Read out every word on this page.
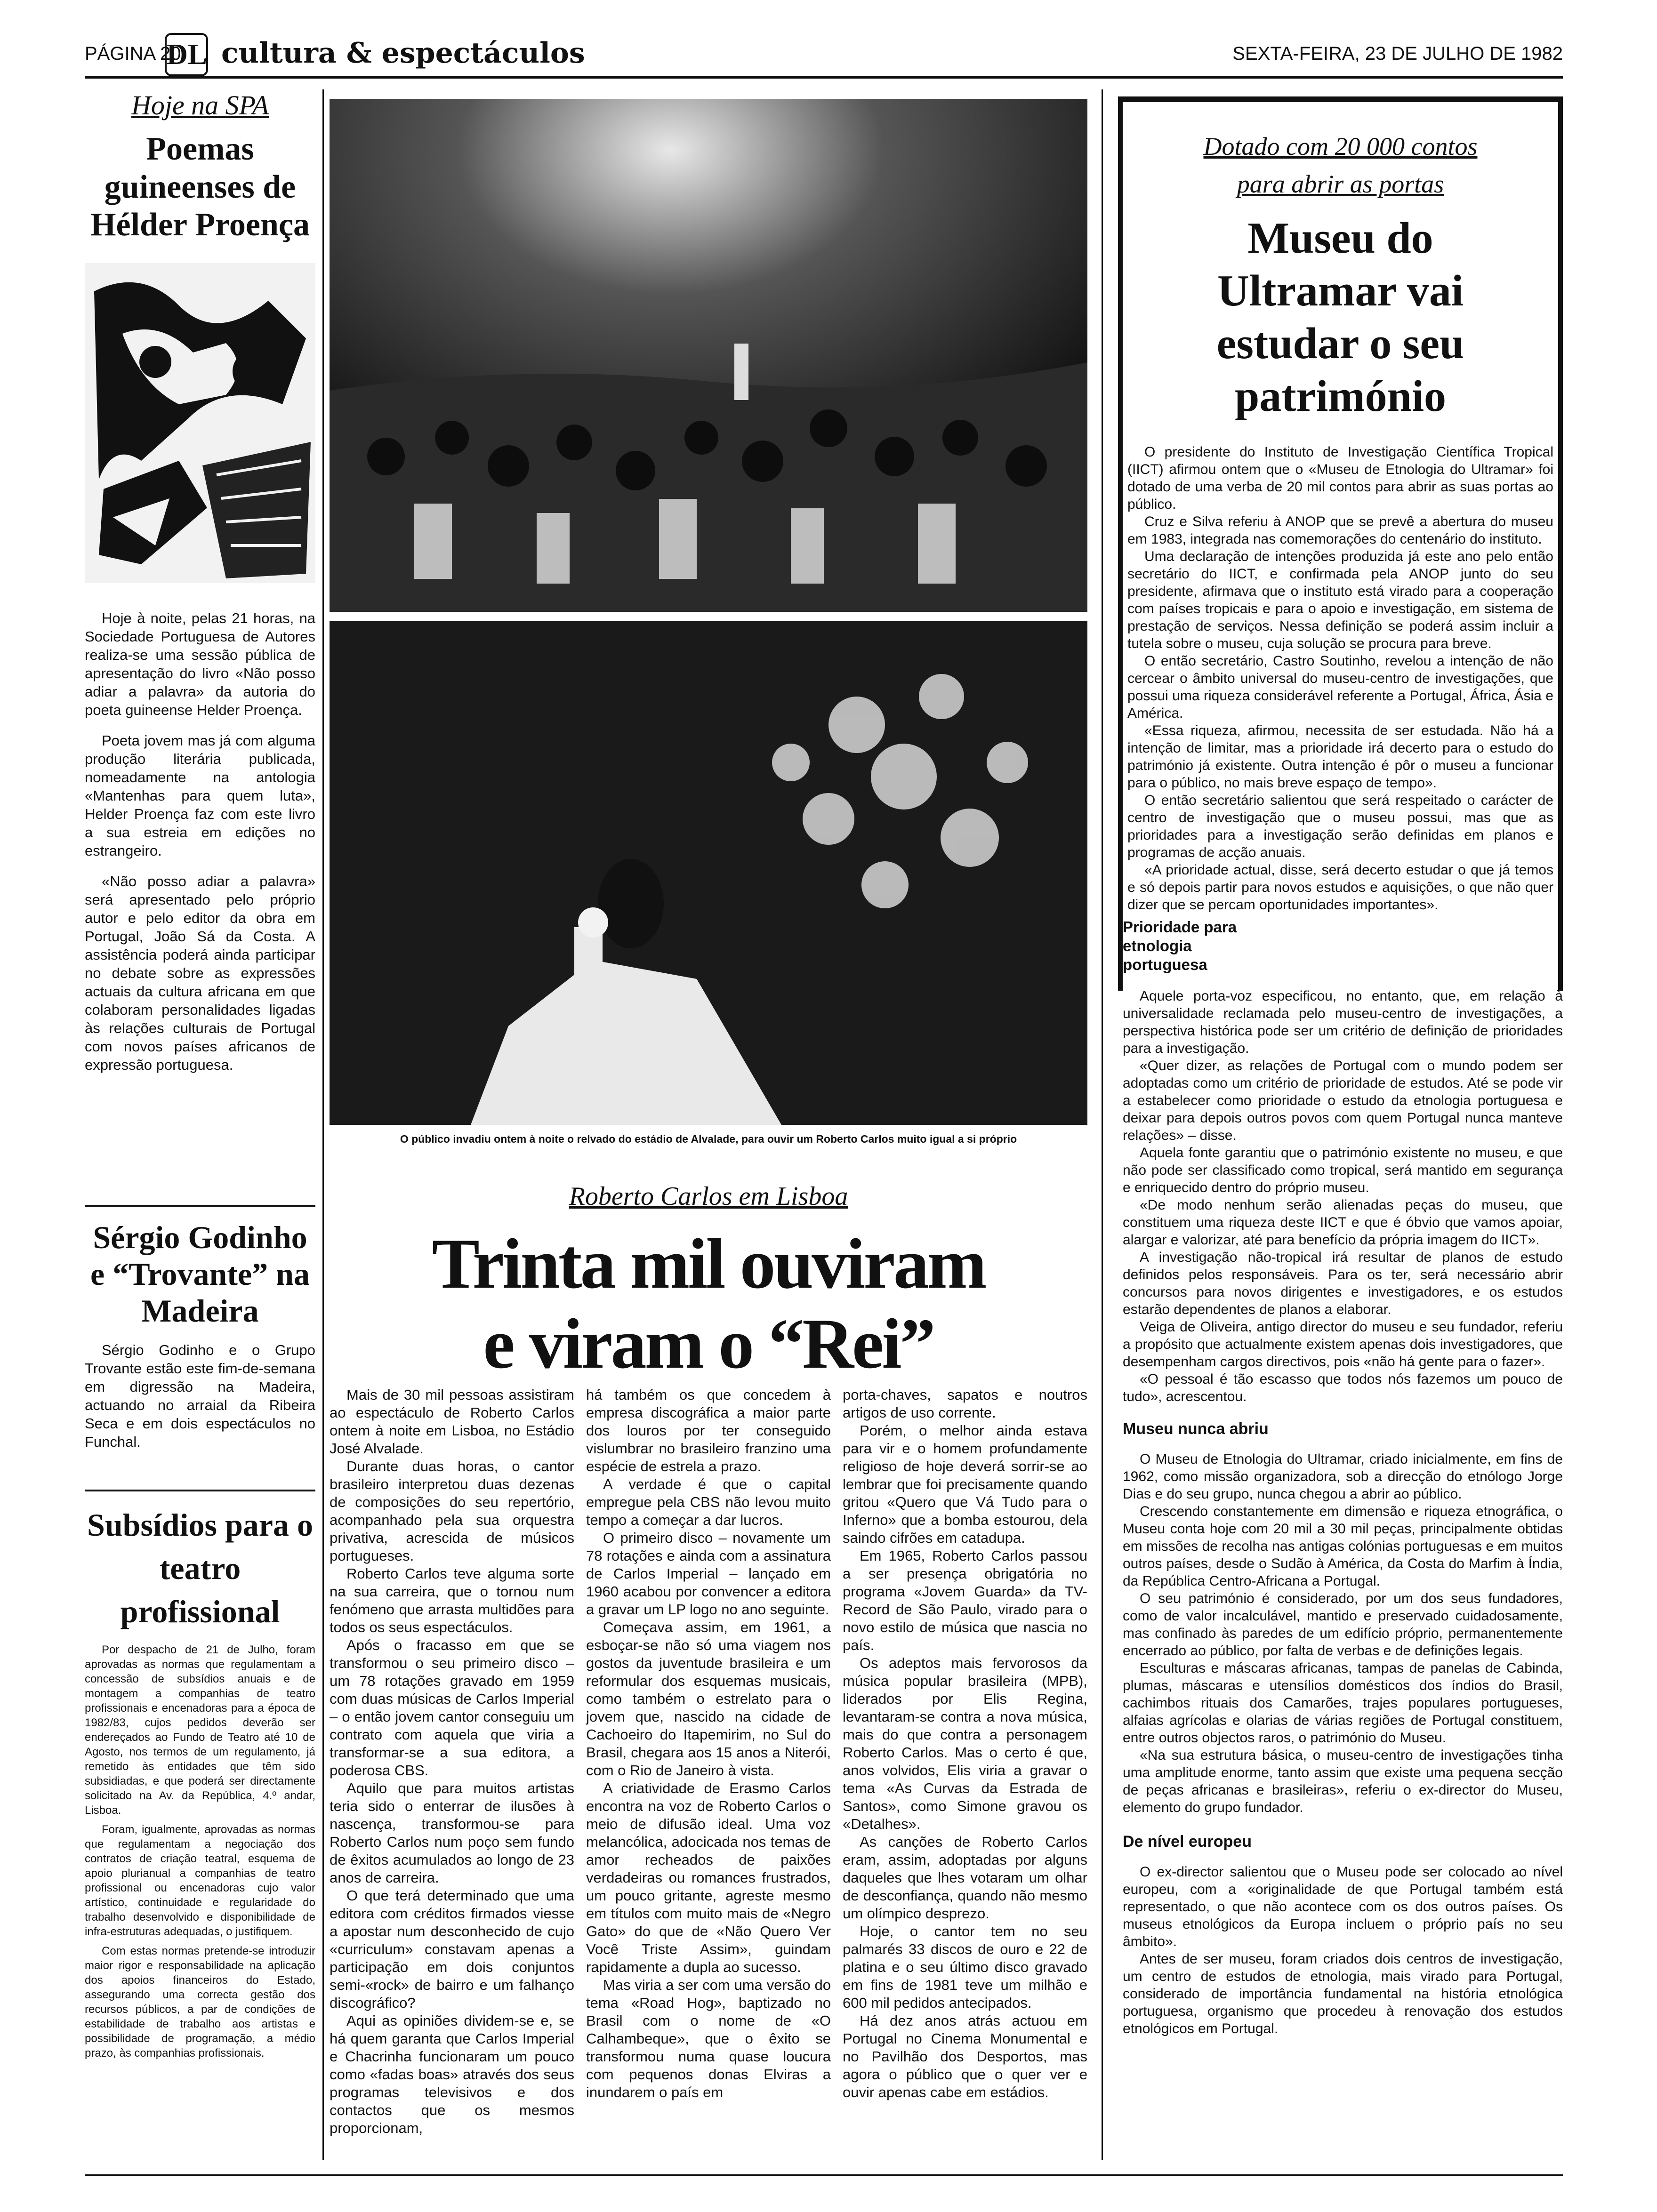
PÁGINA 20
DL cultura & espectáculos	SEXTA-FEIRA, 23 DE JULHO DE 1982
Hoje na SPA
Poemas guineenses de Hélder Proença

Hoje à noite, pelas 21 horas, na Sociedade Portuguesa de Autores realiza-se uma sessão pública de apresentação do livro «Não posso adiar a palavra» da autoria do poeta guineense Helder Proença.

Poeta jovem mas já com alguma produção literária publicada, nomeadamente na antologia «Mantenhas para quem luta», Helder Proença faz com este livro a sua estreia em edições no estrangeiro.

«Não posso adiar a palavra» será apresentado pelo próprio autor e pelo editor da obra em Portugal, João Sá da Costa. A assistência poderá ainda participar no debate sobre as expressões actuais da cultura africana em que colaboram personalidades ligadas às relações culturais de Portugal com novos países africanos de expressão portuguesa.

Sérgio Godinho e “Trovante” na Madeira

Sérgio Godinho e o Grupo Trovante estão este fim-de-semana em digressão na Madeira, actuando no arraial da Ribeira Seca e em dois espectáculos no Funchal.

Subsídios para o teatro profissional

Por despacho de 21 de Julho, foram aprovadas as normas que regulamentam a concessão de subsídios anuais e de montagem a companhias de teatro profissionais e encenadoras para a época de 1982/83, cujos pedidos deverão ser endereçados ao Fundo de Teatro até 10 de Agosto, nos termos de um regulamento, já remetido às entidades que têm sido subsidiadas, e que poderá ser directamente solicitado na Av. da República, 4.º andar, Lisboa.

Foram, igualmente, aprovadas as normas que regulamentam a negociação dos contratos de criação teatral, esquema de apoio plurianual a companhias de teatro profissional ou encenadoras cujo valor artístico, continuidade e regularidade do trabalho desenvolvido e disponibilidade de infra-estruturas adequadas, o justifiquem.

Com estas normas pretende-se introduzir maior rigor e responsabilidade na aplicação dos apoios financeiros do Estado, assegurando uma correcta gestão dos recursos públicos, a par de condições de estabilidade de trabalho aos artistas e possibilidade de programação, a médio prazo, às companhias profissionais.

O público invadiu ontem à noite o relvado do estádio de Alvalade, para ouvir um Roberto Carlos muito igual a si próprio
Roberto Carlos em Lisboa
Trinta mil ouviram
e viram o “Rei”

Mais de 30 mil pessoas assistiram ao espectáculo de Roberto Carlos ontem à noite em Lisboa, no Estádio José Alvalade.

Durante duas horas, o cantor brasileiro interpretou duas dezenas de composições do seu repertório, acompanhado pela sua orquestra privativa, acrescida de músicos portugueses.

Roberto Carlos teve alguma sorte na sua carreira, que o tornou num fenómeno que arrasta multidões para todos os seus espectáculos.

Após o fracasso em que se transformou o seu primeiro disco – um 78 rotações gravado em 1959 com duas músicas de Carlos Imperial – o então jovem cantor conseguiu um contrato com aquela que viria a transformar-se a sua editora, a poderosa CBS.

Aquilo que para muitos artistas teria sido o enterrar de ilusões à nascença, transformou-se para Roberto Carlos num poço sem fundo de êxitos acumulados ao longo de 23 anos de carreira.

O que terá determinado que uma editora com créditos firmados viesse a apostar num desconhecido de cujo «curriculum» constavam apenas a participação em dois conjuntos semi-«rock» de bairro e um falhanço discográfico?

Aqui as opiniões dividem-se e, se há quem garanta que Carlos Imperial e Chacrinha funcionaram um pouco como «fadas boas» através dos seus programas televisivos e dos contactos que os mesmos proporcionam,

há também os que concedem à empresa discográfica a maior parte dos louros por ter conseguido vislumbrar no brasileiro franzino uma espécie de estrela a prazo.

A verdade é que o capital empregue pela CBS não levou muito tempo a começar a dar lucros.

O primeiro disco – novamente um 78 rotações e ainda com a assinatura de Carlos Imperial – lançado em 1960 acabou por convencer a editora a gravar um LP logo no ano seguinte.

Começava assim, em 1961, a esboçar-se não só uma viagem nos gostos da juventude brasileira e um reformular dos esquemas musicais, como também o estrelato para o jovem que, nascido na cidade de Cachoeiro do Itapemirim, no Sul do Brasil, chegara aos 15 anos a Niterói, com o Rio de Janeiro à vista.

A criatividade de Erasmo Carlos encontra na voz de Roberto Carlos o meio de difusão ideal. Uma voz melancólica, adocicada nos temas de amor recheados de paixões verdadeiras ou romances frustrados, um pouco gritante, agreste mesmo em títulos com muito mais de «Negro Gato» do que de «Não Quero Ver Você Triste Assim», guindam rapidamente a dupla ao sucesso.

Mas viria a ser com uma versão do tema «Road Hog», baptizado no Brasil com o nome de «O Calhambeque», que o êxito se transformou numa quase loucura com pequenos donas Elviras a inundarem o país em

porta-chaves, sapatos e noutros artigos de uso corrente.

Porém, o melhor ainda estava para vir e o homem profundamente religioso de hoje deverá sorrir-se ao lembrar que foi precisamente quando gritou «Quero que Vá Tudo para o Inferno» que a bomba estourou, dela saindo cifrões em catadupa.

Em 1965, Roberto Carlos passou a ser presença obrigatória no programa «Jovem Guarda» da TV-Record de São Paulo, virado para o novo estilo de música que nascia no país.

Os adeptos mais fervorosos da música popular brasileira (MPB), liderados por Elis Regina, levantaram-se contra a nova música, mais do que contra a personagem Roberto Carlos. Mas o certo é que, anos volvidos, Elis viria a gravar o tema «As Curvas da Estrada de Santos», como Simone gravou os «Detalhes».

As canções de Roberto Carlos eram, assim, adoptadas por alguns daqueles que lhes votaram um olhar de desconfiança, quando não mesmo um olímpico desprezo.

Hoje, o cantor tem no seu palmarés 33 discos de ouro e 22 de platina e o seu último disco gravado em fins de 1981 teve um milhão e 600 mil pedidos antecipados.

Há dez anos atrás actuou em Portugal no Cinema Monumental e no Pavilhão dos Desportos, mas agora o público que o quer ver e ouvir apenas cabe em estádios.

Dotado com 20 000 contos
para abrir as portas
Museu do Ultramar vai estudar o seu património

O presidente do Instituto de Investigação Científica Tropical (IICT) afirmou ontem que o «Museu de Etnologia do Ultramar» foi dotado de uma verba de 20 mil contos para abrir as suas portas ao público.

Cruz e Silva referiu à ANOP que se prevê a abertura do museu em 1983, integrada nas comemorações do centenário do instituto.

Uma declaração de intenções produzida já este ano pelo então secretário do IICT, e confirmada pela ANOP junto do seu presidente, afirmava que o instituto está virado para a cooperação com países tropicais e para o apoio e investigação, em sistema de prestação de serviços. Nessa definição se poderá assim incluir a tutela sobre o museu, cuja solução se procura para breve.

O então secretário, Castro Soutinho, revelou a intenção de não cercear o âmbito universal do museu-centro de investigações, que possui uma riqueza considerável referente a Portugal, África, Ásia e América.

«Essa riqueza, afirmou, necessita de ser estudada. Não há a intenção de limitar, mas a prioridade irá decerto para o estudo do património já existente. Outra intenção é pôr o museu a funcionar para o público, no mais breve espaço de tempo».

O então secretário salientou que será respeitado o carácter de centro de investigação que o museu possui, mas que as prioridades para a investigação serão definidas em planos e programas de acção anuais.

«A prioridade actual, disse, será decerto estudar o que já temos e só depois partir para novos estudos e aquisições, o que não quer dizer que se percam oportunidades importantes».

Prioridade para etnologia portuguesa

Aquele porta-voz especificou, no entanto, que, em relação à universalidade reclamada pelo museu-centro de investigações, a perspectiva histórica pode ser um critério de definição de prioridades para a investigação.

«Quer dizer, as relações de Portugal com o mundo podem ser adoptadas como um critério de prioridade de estudos. Até se pode vir a estabelecer como prioridade o estudo da etnologia portuguesa e deixar para depois outros povos com quem Portugal nunca manteve relações» – disse.

Aquela fonte garantiu que o património existente no museu, e que não pode ser classificado como tropical, será mantido em segurança e enriquecido dentro do próprio museu.

«De modo nenhum serão alienadas peças do museu, que constituem uma riqueza deste IICT e que é óbvio que vamos apoiar, alargar e valorizar, até para benefício da própria imagem do IICT».

A investigação não-tropical irá resultar de planos de estudo definidos pelos responsáveis. Para os ter, será necessário abrir concursos para novos dirigentes e investigadores, e os estudos estarão dependentes de planos a elaborar.

Veiga de Oliveira, antigo director do museu e seu fundador, referiu a propósito que actualmente existem apenas dois investigadores, que desempenham cargos directivos, pois «não há gente para o fazer».

«O pessoal é tão escasso que todos nós fazemos um pouco de tudo», acrescentou.

Museu nunca abriu

O Museu de Etnologia do Ultramar, criado inicialmente, em fins de 1962, como missão organizadora, sob a direcção do etnólogo Jorge Dias e do seu grupo, nunca chegou a abrir ao público.

Crescendo constantemente em dimensão e riqueza etnográfica, o Museu conta hoje com 20 mil a 30 mil peças, principalmente obtidas em missões de recolha nas antigas colónias portuguesas e em muitos outros países, desde o Sudão à América, da Costa do Marfim à Índia, da República Centro-Africana a Portugal.

O seu património é considerado, por um dos seus fundadores, como de valor incalculável, mantido e preservado cuidadosamente, mas confinado às paredes de um edifício próprio, permanentemente encerrado ao público, por falta de verbas e de definições legais.

Esculturas e máscaras africanas, tampas de panelas de Cabinda, plumas, máscaras e utensílios domésticos dos índios do Brasil, cachimbos rituais dos Camarões, trajes populares portugueses, alfaias agrícolas e olarias de várias regiões de Portugal constituem, entre outros objectos raros, o património do Museu.

«Na sua estrutura básica, o museu-centro de investigações tinha uma amplitude enorme, tanto assim que existe uma pequena secção de peças africanas e brasileiras», referiu o ex-director do Museu, elemento do grupo fundador.

De nível europeu

O ex-director salientou que o Museu pode ser colocado ao nível europeu, com a «originalidade de que Portugal também está representado, o que não acontece com os dos outros países. Os museus etnológicos da Europa incluem o próprio país no seu âmbito».

Antes de ser museu, foram criados dois centros de investigação, um centro de estudos de etnologia, mais virado para Portugal, considerado de importância fundamental na história etnológica portuguesa, organismo que procedeu à renovação dos estudos etnológicos em Portugal.
